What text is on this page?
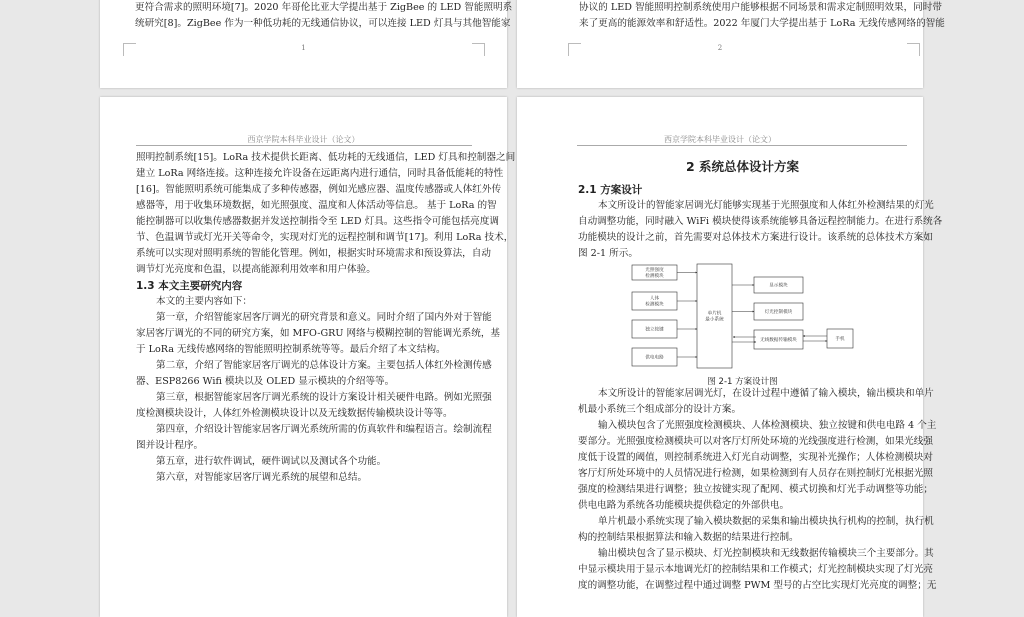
更符合需求的照明环境[7]。2020 年哥伦比亚大学提出基于 ZigBee 的 LED 智能照明系
统研究[8]。ZigBee 作为一种低功耗的无线通信协议，可以连接 LED 灯具与其他智能家
1
协议的 LED 智能照明控制系统使用户能够根据不同场景和需求定制照明效果，同时带
来了更高的能源效率和舒适性。2022 年厦门大学提出基于 LoRa 无线传感网络的智能
2
西京学院本科毕业设计（论文）
照明控制系统[15]。LoRa 技术提供长距离、低功耗的无线通信，LED 灯具和控制器之间
建立 LoRa 网络连接。这种连接允许设备在远距离内进行通信，同时具备低能耗的特性
[16]。智能照明系统可能集成了多种传感器，例如光感应器、温度传感器或人体红外传
感器等，用于收集环境数据，如光照强度、温度和人体活动等信息。 基于 LoRa 的智
能控制器可以收集传感器数据并发送控制指令至 LED 灯具。这些指令可能包括亮度调
节、色温调节或灯光开关等命令，实现对灯光的远程控制和调节[17]。利用 LoRa 技术，
系统可以实现对照明系统的智能化管理。例如，根据实时环境需求和预设算法，自动
调节灯光亮度和色温，以提高能源利用效率和用户体验。
1.3 本文主要研究内容
本文的主要内容如下：
第一章，介绍智能家居客厅调光的研究背景和意义。同时介绍了国内外对于智能
家居客厅调光的不同的研究方案，如 MFO-GRU 网络与模糊控制的智能调光系统，基
于 LoRa 无线传感网络的智能照明控制系统等等。最后介绍了本文结构。
第二章，介绍了智能家居客厅调光的总体设计方案。主要包括人体红外检测传感
器、ESP8266 Wifi 模块以及 OLED 显示模块的介绍等等。
第三章，根据智能家居客厅调光系统的设计方案设计相关硬件电路。例如光照强
度检测模块设计，人体红外检测模块设计以及无线数据传输模块设计等等。
第四章，介绍设计智能家居客厅调光系统所需的仿真软件和编程语言。绘制流程
图并设计程序。
第五章，进行软件调试，硬件调试以及测试各个功能。
第六章，对智能家居客厅调光系统的展望和总结。
西京学院本科毕业设计（论文）
2 系统总体设计方案
2.1 方案设计
本文所设计的智能家居调光灯能够实现基于光照强度和人体红外检测结果的灯光
自动调整功能，同时融入 WiFi 模块使得该系统能够具备远程控制能力。在进行系统各
功能模块的设计之前，首先需要对总体技术方案进行设计。该系统的总体技术方案如
图 2-1 所示。
光照强度
检测模块
人体
检测模块
独立按键
供电电路
单片机
最小系统
显示模块
灯光控制模块
无线数据传输模块	手机
图 2-1 方案设计图
本文所设计的智能家居调光灯，在设计过程中遵循了输入模块，输出模块和单片
机最小系统三个组成部分的设计方案。
输入模块包含了光照强度检测模块、人体检测模块、独立按键和供电电路 4 个主
要部分。光照强度检测模块可以对客厅灯所处环境的光线强度进行检测，如果光线强
度低于设置的阈值，则控制系统进入灯光自动调整，实现补光操作；人体检测模块对
客厅灯所处环境中的人员情况进行检测，如果检测到有人员存在则控制灯光根据光照
强度的检测结果进行调整；独立按键实现了配网、模式切换和灯光手动调整等功能；
供电电路为系统各功能模块提供稳定的外部供电。
单片机最小系统实现了输入模块数据的采集和输出模块执行机构的控制，执行机
构的控制结果根据算法和输入数据的结果进行控制。
输出模块包含了显示模块、灯光控制模块和无线数据传输模块三个主要部分。其
中显示模块用于显示本地调光灯的控制结果和工作模式；灯光控制模块实现了灯光亮
度的调整功能，在调整过程中通过调整 PWM 型号的占空比实现灯光亮度的调整；无
